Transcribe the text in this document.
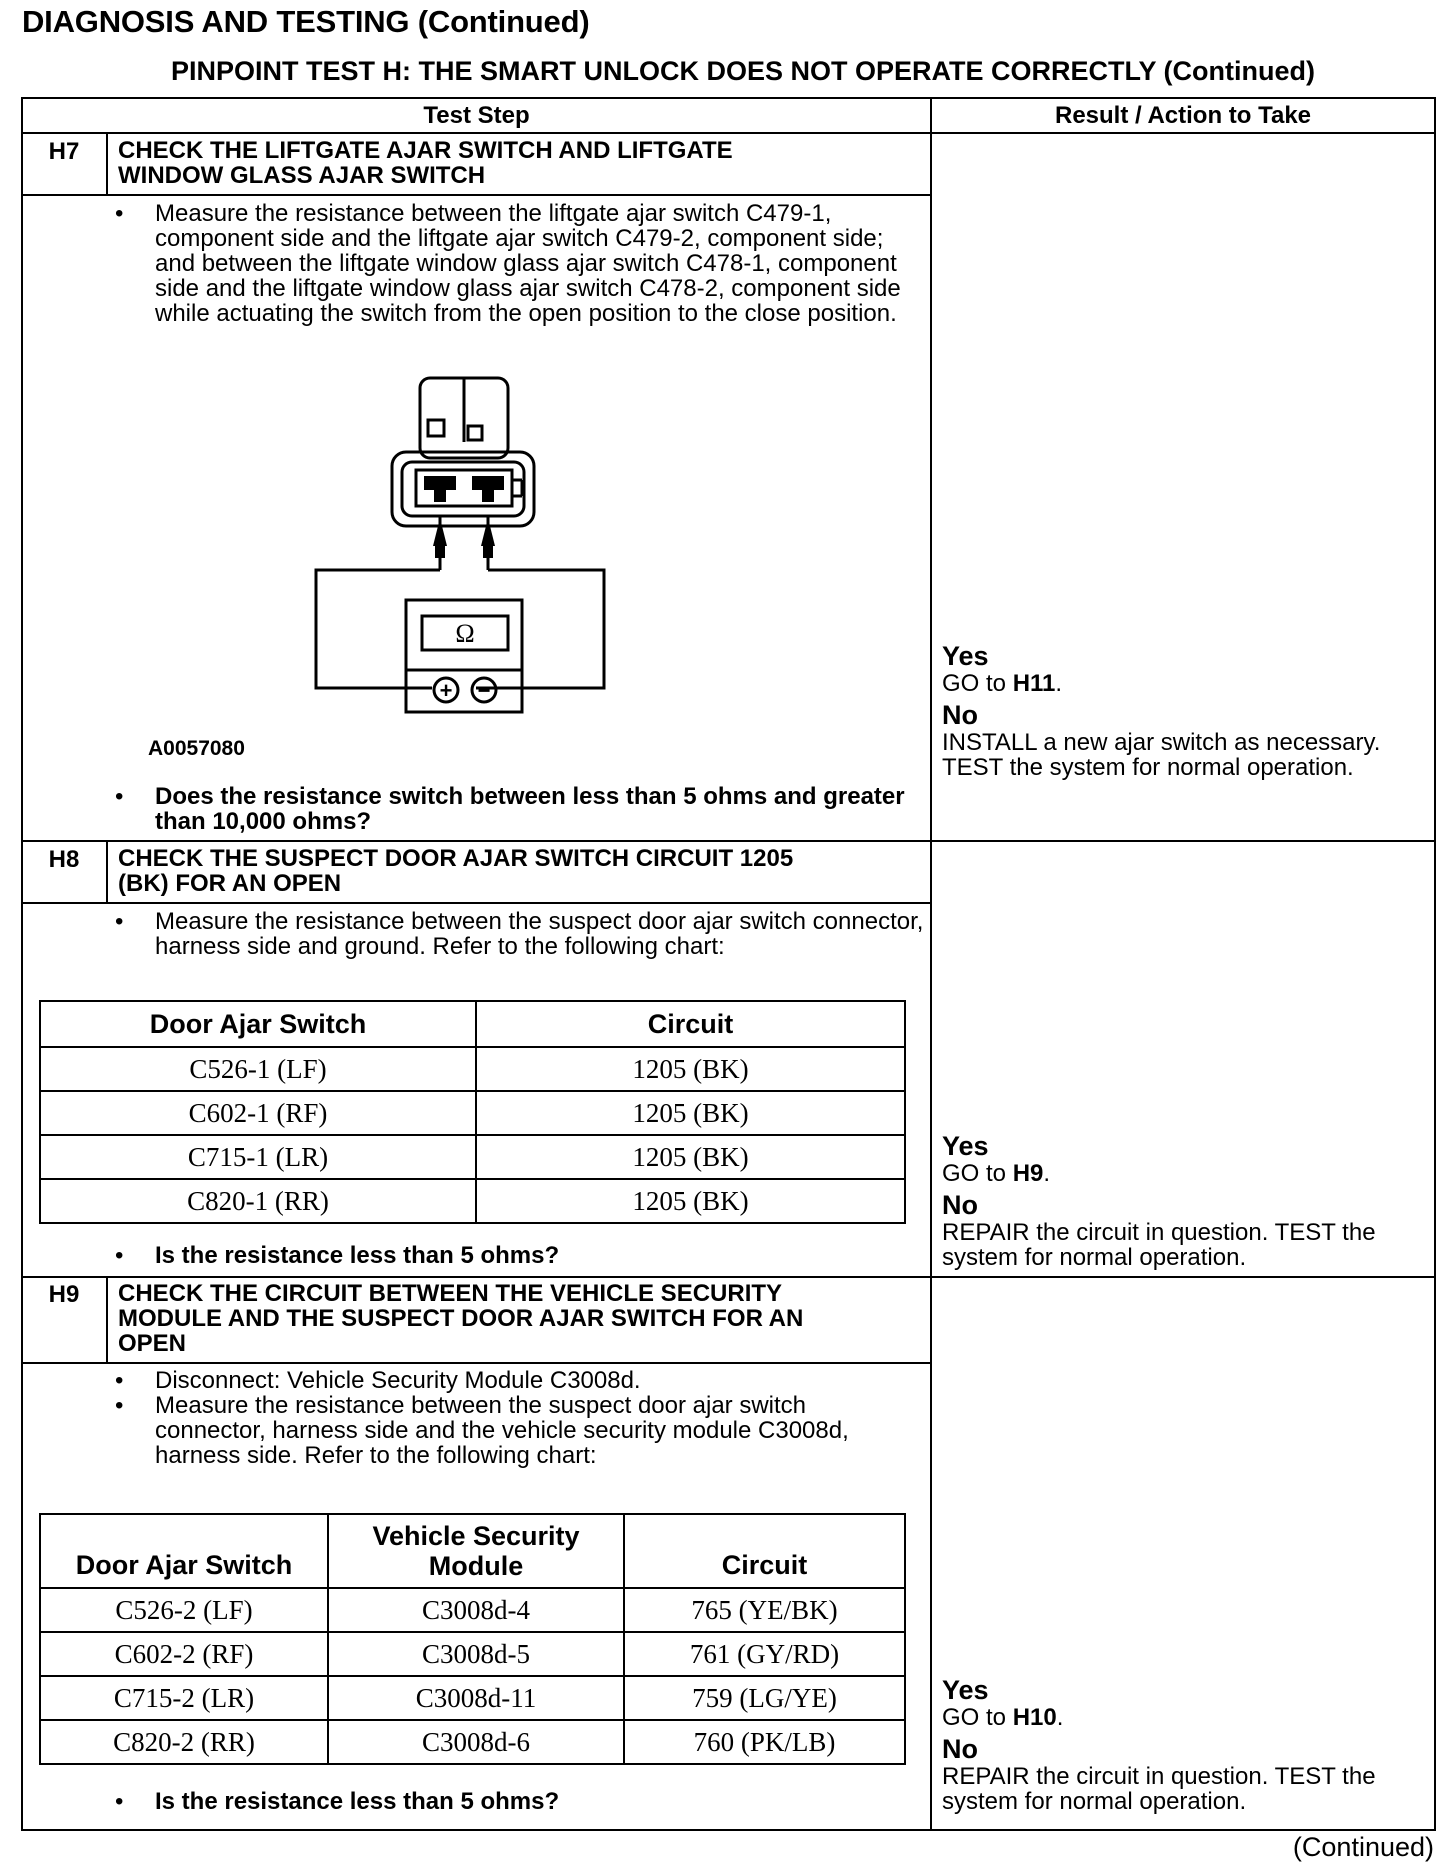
DIAGNOSIS AND TESTING (Continued)
PINPOINT TEST H: THE SMART UNLOCK DOES NOT OPERATE CORRECTLY (Continued)
Test Step	Result / Action to Take
H7	CHECK THE LIFTGATE AJAR SWITCH AND LIFTGATE WINDOW GLASS AJAR SWITCH
•	Measure the resistance between the liftgate ajar switch C479-1, component side and the liftgate ajar switch C479-2, component side; and between the liftgate window glass ajar switch C478-1, component side and the liftgate window glass ajar switch C478-2, component side while actuating the switch from the open position to the close position.
Ω
+ −
A0057080
•	Does the resistance switch between less than 5 ohms and greater than 10,000 ohms?
Yes
GO to H11.
No
INSTALL a new ajar switch as necessary. TEST the system for normal operation.
H8	CHECK THE SUSPECT DOOR AJAR SWITCH CIRCUIT 1205 (BK) FOR AN OPEN
•	Measure the resistance between the suspect door ajar switch connector, harness side and ground. Refer to the following chart:
Door Ajar Switch	Circuit
C526-1 (LF)	1205 (BK)
C602-1 (RF)	1205 (BK)
C715-1 (LR)	1205 (BK)
C820-1 (RR)	1205 (BK)
•	Is the resistance less than 5 ohms?
Yes
GO to H9.
No
REPAIR the circuit in question. TEST the system for normal operation.
H9	CHECK THE CIRCUIT BETWEEN THE VEHICLE SECURITY MODULE AND THE SUSPECT DOOR AJAR SWITCH FOR AN OPEN
•	Disconnect: Vehicle Security Module C3008d.
•	Measure the resistance between the suspect door ajar switch connector, harness side and the vehicle security module C3008d, harness side. Refer to the following chart:
Door Ajar Switch	Vehicle Security Module	Circuit
C526-2 (LF)	C3008d-4	765 (YE/BK)
C602-2 (RF)	C3008d-5	761 (GY/RD)
C715-2 (LR)	C3008d-11	759 (LG/YE)
C820-2 (RR)	C3008d-6	760 (PK/LB)
•	Is the resistance less than 5 ohms?
Yes
GO to H10.
No
REPAIR the circuit in question. TEST the system for normal operation.
(Continued)
